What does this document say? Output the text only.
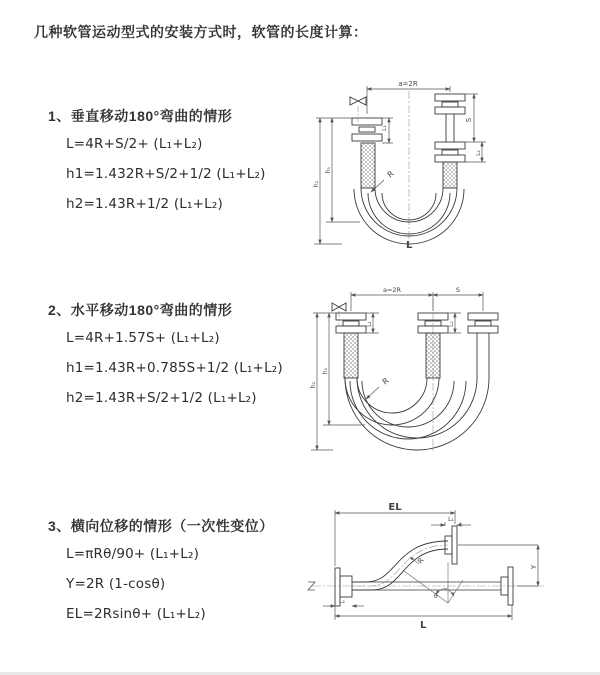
几种软管运动型式的安装方式时，软管的长度计算：
1、垂直移动180°弯曲的情形
L=4R+S/2+ (L₁+L₂)
h1=1.432R+S/2+1/2 (L₁+L₂)
h2=1.43R+1/2 (L₁+L₂)
2、水平移动180°弯曲的情形
L=4R+1.57S+ (L₁+L₂)
h1=1.43R+0.785S+1/2 (L₁+L₂)
h2=1.43R+S/2+1/2 (L₁+L₂)
3、横向位移的情形（一次性变位）
L=πRθ/90+ (L₁+L₂)
Y=2R (1-cosθ)
EL=2Rsinθ+ (L₁+L₂)
a=2R
L₁
S
L₂
h₁
h₂
R
L
a=2R	S
L₁	L₂
h₁
h₂	R
EL
L₁
Y
R
θ
L
L₂
